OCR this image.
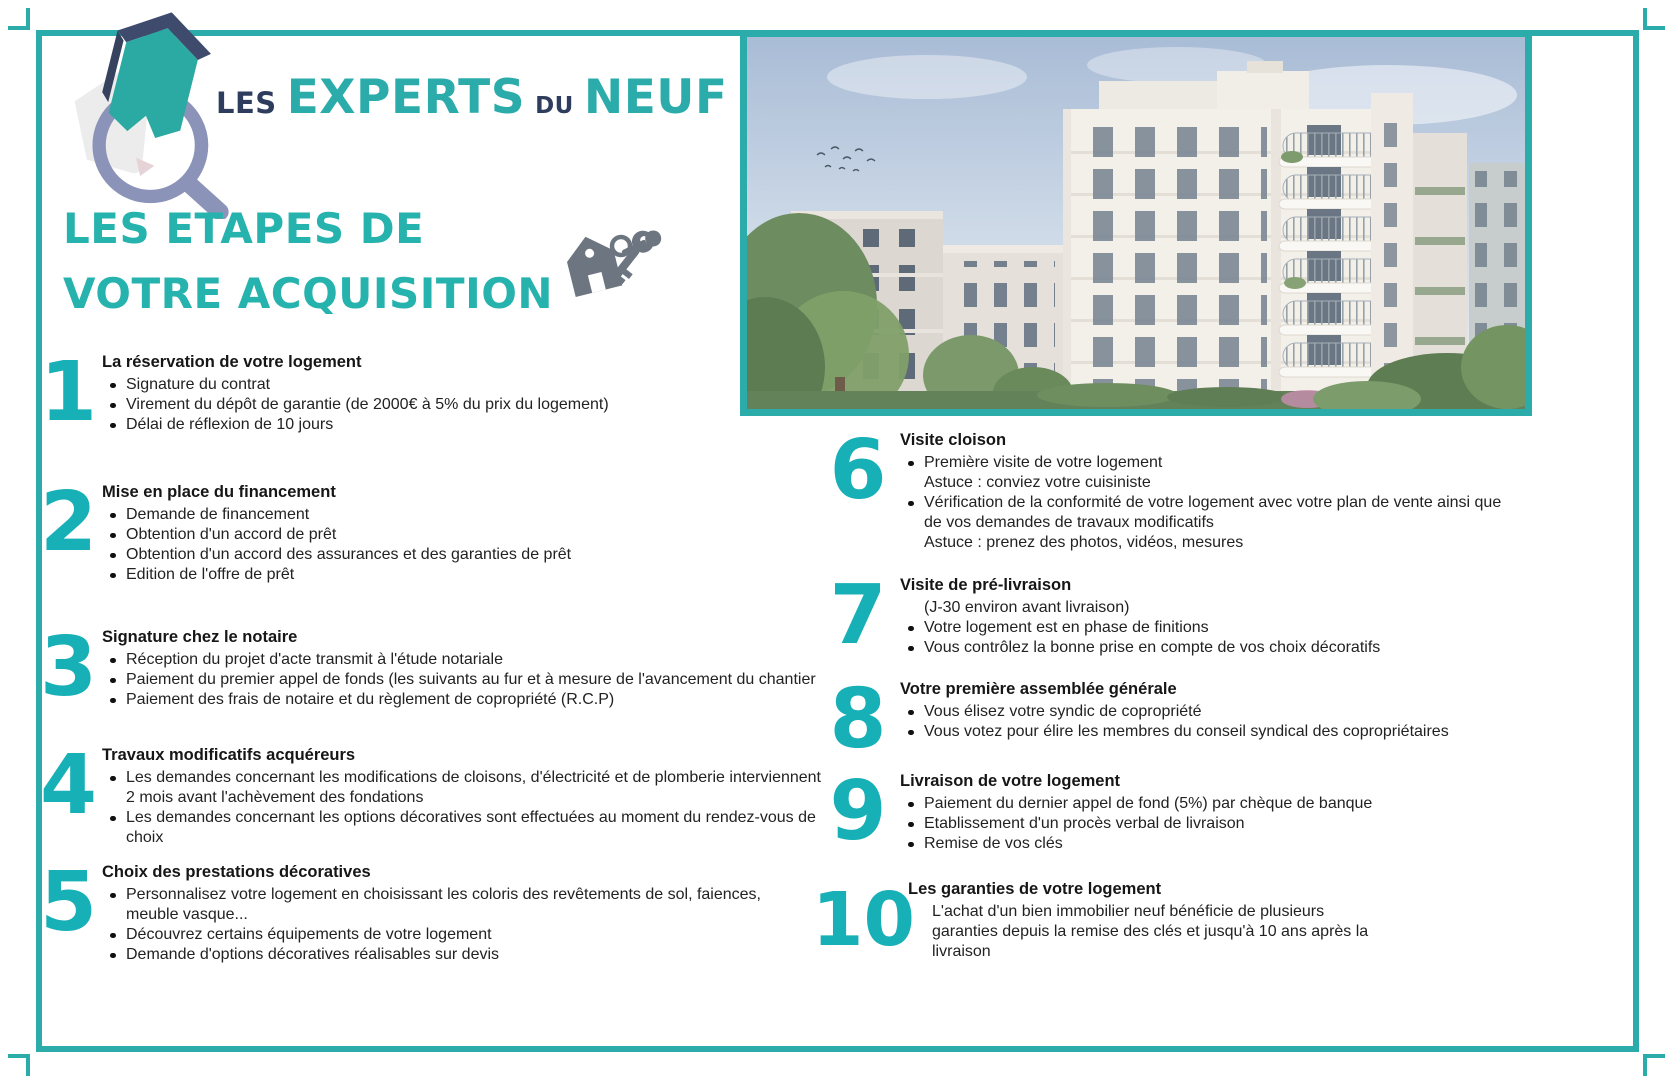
LES EXPERTS DU NEUF
LES ETAPES DE
VOTRE ACQUISITION
1 La réservation de votre logement
Signature du contrat
Virement du dépôt de garantie (de 2000€ à 5% du prix du logement)
Délai de réflexion de 10 jours
2 Mise en place du financement
Demande de financement
Obtention d'un accord de prêt
Obtention d'un accord des assurances et des garanties de prêt
Edition de l'offre de prêt
3 Signature chez le notaire
Réception du projet d'acte transmit à l'étude notariale
Paiement du premier appel de fonds (les suivants au fur et à mesure de l'avancement du chantier
Paiement des frais de notaire et du règlement de copropriété (R.C.P)
4 Travaux modificatifs acquéreurs
Les demandes concernant les modifications de cloisons, d'électricité et de plomberie interviennent 2 mois avant l'achèvement des fondations
Les demandes concernant les options décoratives sont effectuées au moment du rendez-vous de choix
5 Choix des prestations décoratives
Personnalisez votre logement en choisissant les coloris des revêtements de sol, faiences, meuble vasque...
Découvrez certains équipements de votre logement
Demande d'options décoratives réalisables sur devis
6 Visite cloison
Première visite de votre logement
Astuce : conviez votre cuisiniste
Vérification de la conformité de votre logement avec votre plan de vente ainsi que de vos demandes de travaux modificatifs
Astuce : prenez des photos, vidéos, mesures
7 Visite de pré-livraison
(J-30 environ avant livraison)
Votre logement est en phase de finitions
Vous contrôlez la bonne prise en compte de vos choix décoratifs
8 Votre première assemblée générale
Vous élisez votre syndic de copropriété
Vous votez pour élire les membres du conseil syndical des copropriétaires
9 Livraison de votre logement
Paiement du dernier appel de fond (5%) par chèque de banque
Etablissement d'un procès verbal de livraison
Remise de vos clés
10
Les garanties de votre logement
L'achat d'un bien immobilier neuf bénéficie de plusieurs
garanties depuis la remise des clés et jusqu'à 10 ans après la livraison
